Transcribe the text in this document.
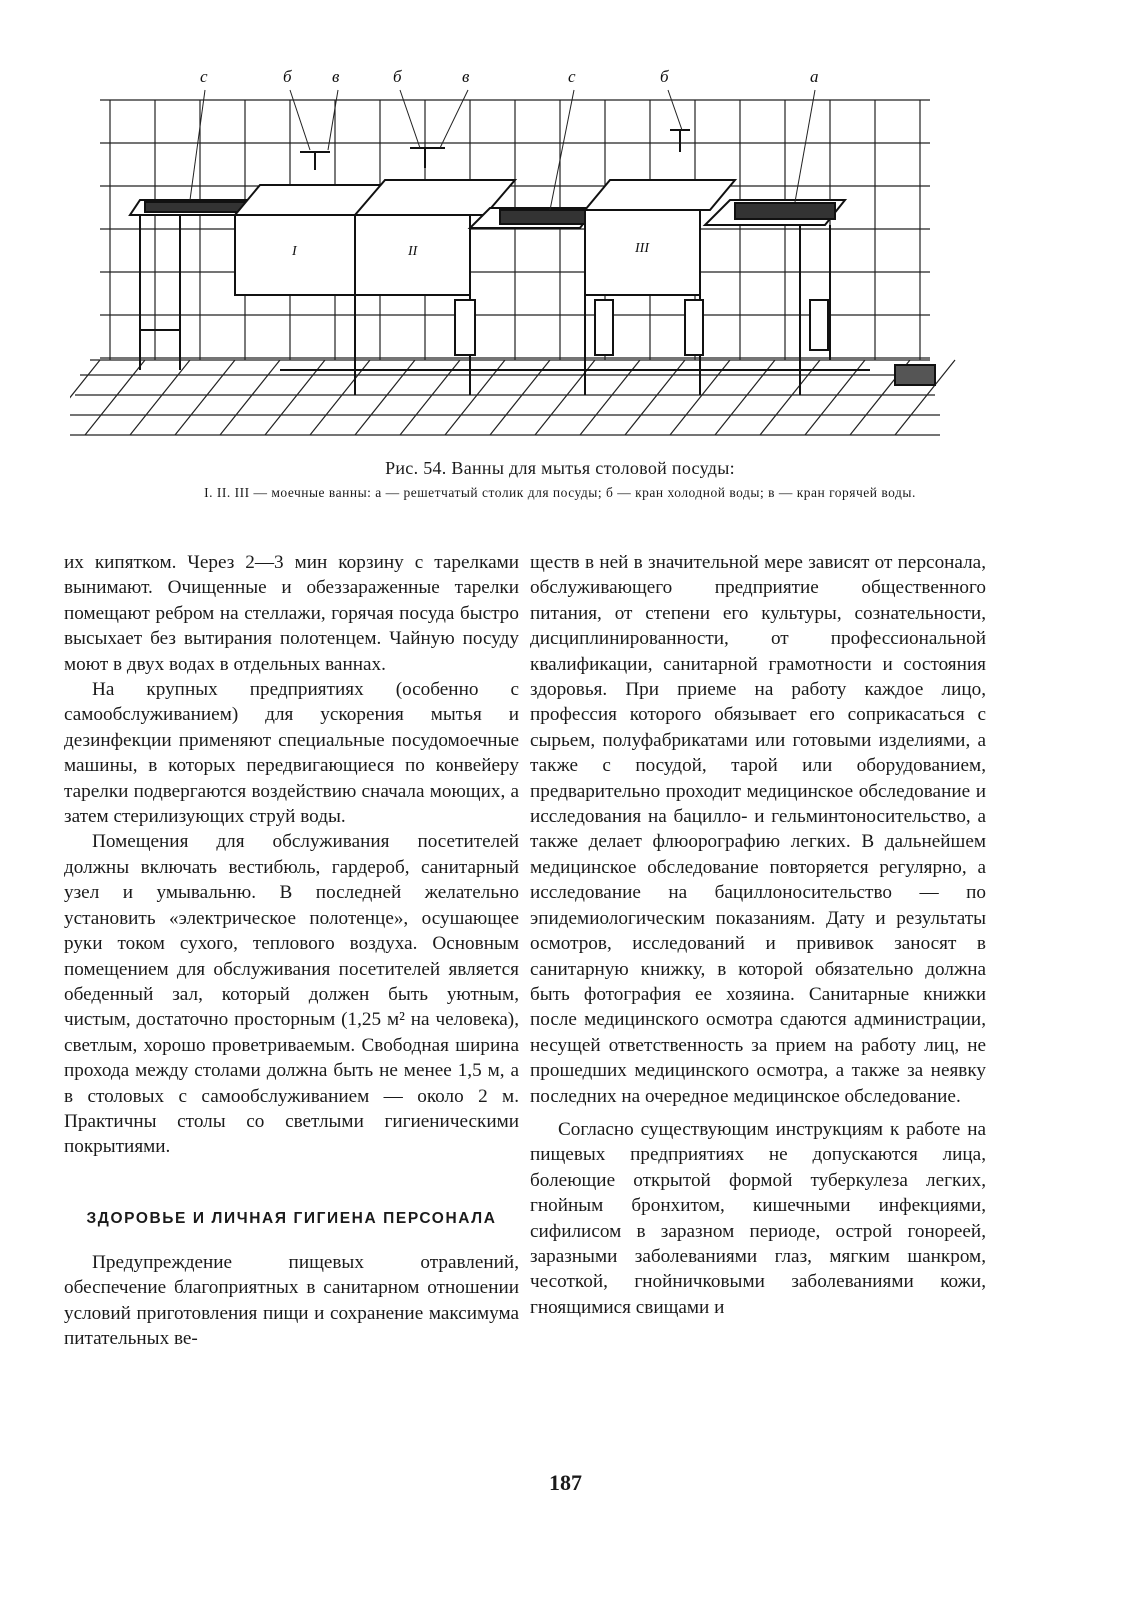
с	б в	б	в	с	б	а
I	II	III
Рис. 54. Ванны для мытья столовой посуды:
I. II. III — моечные ванны: а — решетчатый столик для посуды; б — кран холодной воды; в — кран горячей воды.

их кипятком. Через 2—3 мин корзину с тарелками вынимают. Очищенные и обеззараженные тарелки помещают ребром на стеллажи, горячая посуда быстро высыхает без вытирания полотенцем. Чайную посуду моют в двух водах в отдельных ваннах.

На крупных предприятиях (особенно с самообслуживанием) для ускорения мытья и дезинфекции применяют специальные посудомоечные машины, в которых передвигающиеся по конвейеру тарелки подвергаются воздействию сначала моющих, а затем стерилизующих струй воды.

Помещения для обслуживания посетителей должны включать вестибюль, гардероб, санитарный узел и умывальню. В последней желательно установить «электрическое полотенце», осушающее руки током сухого, теплового воздуха. Основным помещением для обслуживания посетителей является обеденный зал, который должен быть уютным, чистым, достаточно просторным (1,25 м² на человека), светлым, хорошо проветриваемым. Свободная ширина прохода между столами должна быть не менее 1,5 м, а в столовых с самообслуживанием — около 2 м. Практичны столы со светлыми гигиеническими покрытиями.

ЗДОРОВЬЕ И ЛИЧНАЯ ГИГИЕНА ПЕРСОНАЛА

Предупреждение пищевых отравлений, обеспечение благоприятных в санитарном отношении условий приготовления пищи и сохранение максимума питательных ве-

ществ в ней в значительной мере зависят от персонала, обслуживающего предприятие общественного питания, от степени его культуры, сознательности, дисциплинированности, от профессиональной квалификации, санитарной грамотности и состояния здоровья. При приеме на работу каждое лицо, профессия которого обязывает его соприкасаться с сырьем, полуфабрикатами или готовыми изделиями, а также с посудой, тарой или оборудованием, предварительно проходит медицинское обследование и исследования на бацилло- и гельминтоносительство, а также делает флюорографию легких. В дальнейшем медицинское обследование повторяется регулярно, а исследование на бациллоносительство — по эпидемиологическим показаниям. Дату и результаты осмотров, исследований и прививок заносят в санитарную книжку, в которой обязательно должна быть фотография ее хозяина. Санитарные книжки после медицинского осмотра сдаются администрации, несущей ответственность за прием на работу лиц, не прошедших медицинского осмотра, а также за неявку последних на очередное медицинское обследование.

Согласно существующим инструкциям к работе на пищевых предприятиях не допускаются лица, болеющие открытой формой туберкулеза легких, гнойным бронхитом, кишечными инфекциями, сифилисом в заразном периоде, острой гонореей, заразными заболеваниями глаз, мягким шанкром, чесоткой, гнойничковыми заболеваниями кожи, гноящимися свищами и

187
